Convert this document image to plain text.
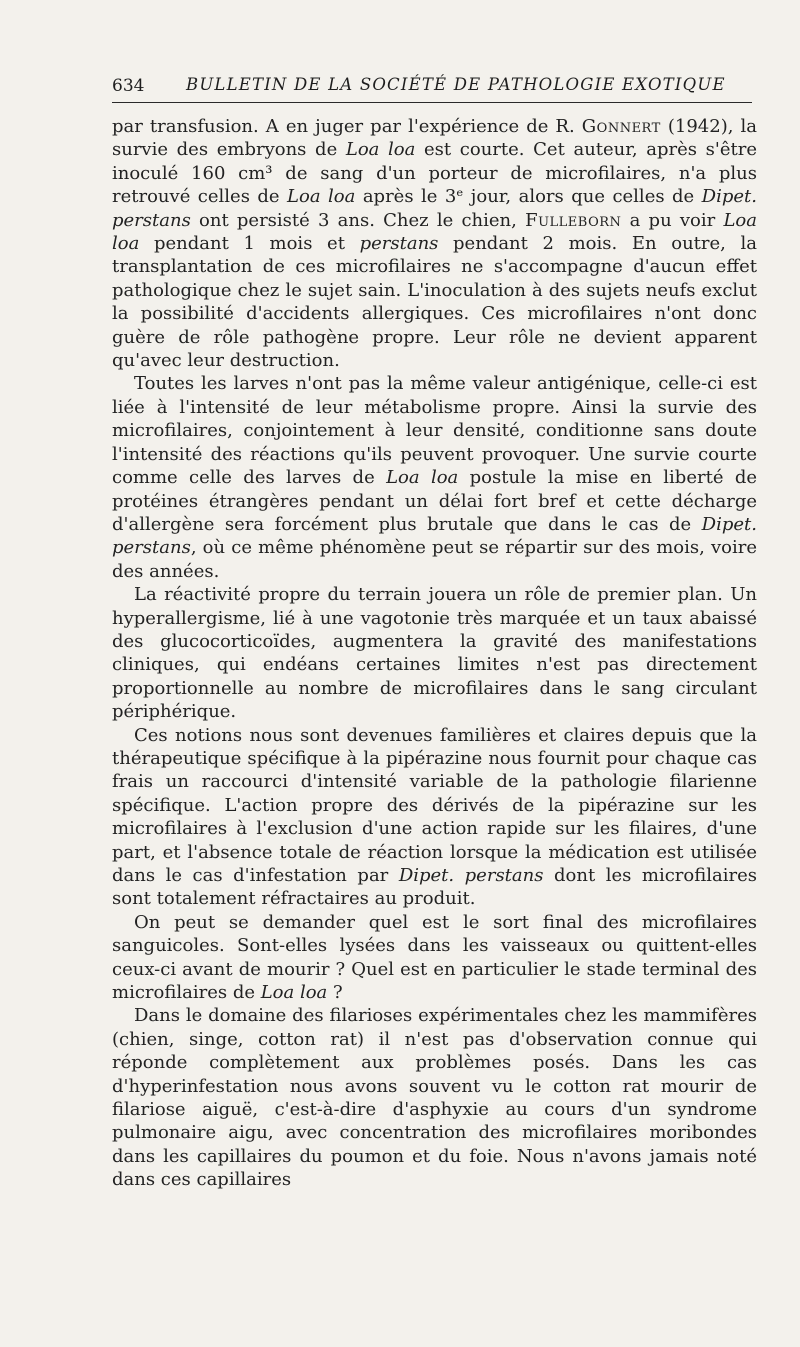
634	BULLETIN DE LA SOCIÉTÉ DE PATHOLOGIE EXOTIQUE

par transfusion. A en juger par l'expérience de R. Gonnert (1942), la survie des embryons de Loa loa est courte. Cet auteur, après s'être inoculé 160 cm³ de sang d'un porteur de microfilaires, n'a plus retrouvé celles de Loa loa après le 3ᵉ jour, alors que celles de Dipet. perstans ont persisté 3 ans. Chez le chien, Fulleborn a pu voir Loa loa pendant 1 mois et perstans pendant 2 mois. En outre, la transplantation de ces microfilaires ne s'accompagne d'aucun effet pathologique chez le sujet sain. L'inoculation à des sujets neufs exclut la possibilité d'accidents allergiques. Ces microfilaires n'ont donc guère de rôle pathogène propre. Leur rôle ne devient apparent qu'avec leur destruction.

Toutes les larves n'ont pas la même valeur antigénique, celle-ci est liée à l'intensité de leur métabolisme propre. Ainsi la survie des microfilaires, conjointement à leur densité, conditionne sans doute l'intensité des réactions qu'ils peuvent provoquer. Une survie courte comme celle des larves de Loa loa postule la mise en liberté de protéines étrangères pendant un délai fort bref et cette décharge d'allergène sera forcément plus brutale que dans le cas de Dipet. perstans, où ce même phénomène peut se répartir sur des mois, voire des années.

La réactivité propre du terrain jouera un rôle de premier plan. Un hyperallergisme, lié à une vagotonie très marquée et un taux abaissé des glucocorticoïdes, augmentera la gravité des manifestations cliniques, qui endéans certaines limites n'est pas directement proportionnelle au nombre de microfilaires dans le sang circulant périphérique.

Ces notions nous sont devenues familières et claires depuis que la thérapeutique spécifique à la pipérazine nous fournit pour chaque cas frais un raccourci d'intensité variable de la pathologie filarienne spécifique. L'action propre des dérivés de la pipérazine sur les microfilaires à l'exclusion d'une action rapide sur les filaires, d'une part, et l'absence totale de réaction lorsque la médication est utilisée dans le cas d'infestation par Dipet. perstans dont les microfilaires sont totalement réfractaires au produit.

On peut se demander quel est le sort final des microfilaires sanguicoles. Sont-elles lysées dans les vaisseaux ou quittent-elles ceux-ci avant de mourir ? Quel est en particulier le stade terminal des microfilaires de Loa loa ?

Dans le domaine des filarioses expérimentales chez les mammifères (chien, singe, cotton rat) il n'est pas d'observation connue qui réponde complètement aux problèmes posés. Dans les cas d'hyperinfestation nous avons souvent vu le cotton rat mourir de filariose aiguë, c'est-à-dire d'asphyxie au cours d'un syndrome pulmonaire aigu, avec concentration des microfilaires moribondes dans les capillaires du poumon et du foie. Nous n'avons jamais noté dans ces capillaires
